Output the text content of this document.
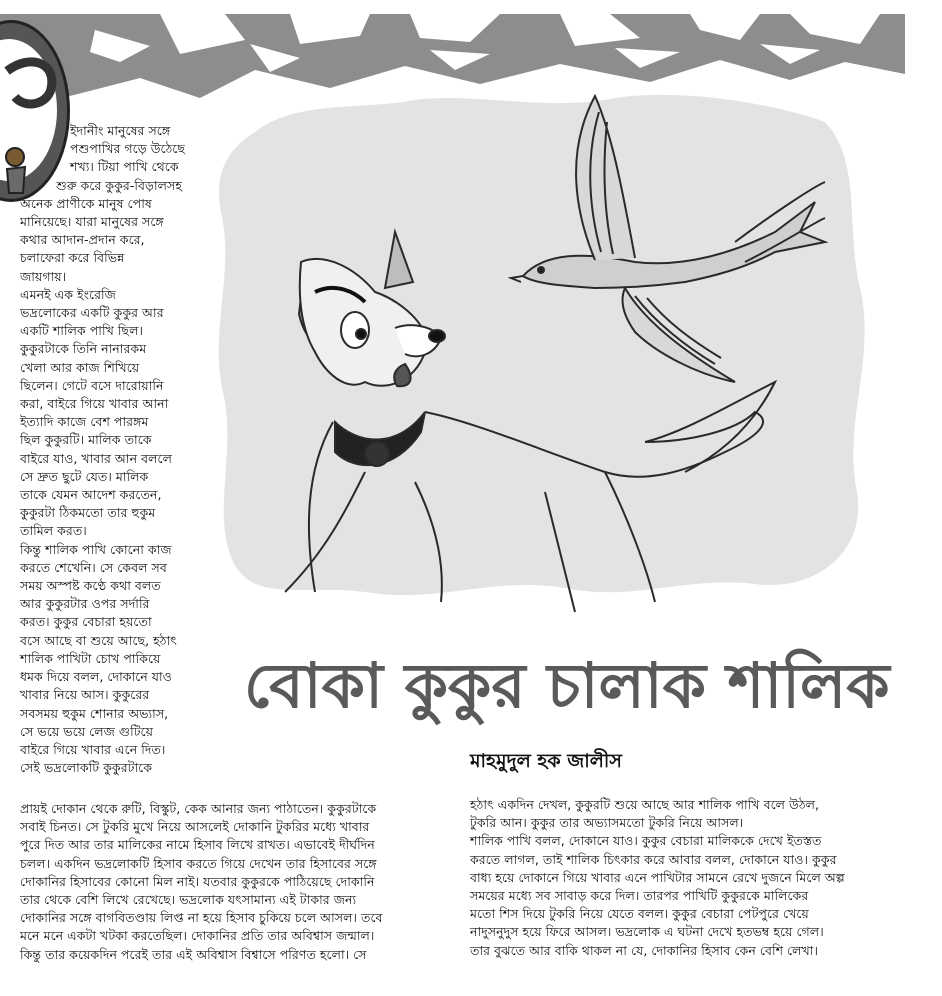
ইদানীং মানুষের সঙ্গে

পশুপাখির গড়ে উঠেছে

শখ্য। টিয়া পাখি থেকে

শুরু করে কুকুর-বিড়ালসহ

অনেক প্রাণীকে মানুষ পোষ

মানিয়েছে। যারা মানুষের সঙ্গে

কথার আদান-প্রদান করে,

চলাফেরা করে বিভিন্ন

জায়গায়।

এমনই এক ইংরেজি

ভদ্রলোকের একটি কুকুর আর

একটি শালিক পাখি ছিল।

কুকুরটাকে তিনি নানারকম

খেলা আর কাজ শিখিয়ে

ছিলেন। গেটে বসে দারোয়ানি

করা, বাইরে গিয়ে খাবার আনা

ইত্যাদি কাজে বেশ পারঙ্গম

ছিল কুকুরটি। মালিক তাকে

বাইরে যাও, খাবার আন বললে

সে দ্রুত ছুটে যেত। মালিক

তাকে যেমন আদেশ করতেন,

কুকুরটা ঠিকমতো তার হুকুম

তামিল করত।

কিন্তু শালিক পাখি কোনো কাজ

করতে শেখেনি। সে কেবল সব

সময় অস্পষ্ট কণ্ঠে কথা বলত

আর কুকুরটার ওপর সর্দারি

করত। কুকুর বেচারা হয়তো

বসে আছে বা শুয়ে আছে, হঠাৎ

শালিক পাখিটা চোখ পাকিয়ে

ধমক দিয়ে বলল, দোকানে যাও

খাবার নিয়ে আস। কুকুরের

সবসময় হুকুম শোনার অভ্যাস,

সে ভয়ে ভয়ে লেজ গুটিয়ে

বাইরে গিয়ে খাবার এনে দিত।

সেই ভদ্রলোকটি কুকুরটাকে

বোকা কুকুর চালাক শালিক
মাহমুদুল হক জালীস

প্রায়ই দোকান থেকে রুটি, বিস্কুট, কেক আনার জন্য পাঠাতেন। কুকুরটাকে

সবাই চিনত। সে টুকরি মুখে নিয়ে আসলেই দোকানি টুকরির মধ্যে খাবার

পুরে দিত আর তার মালিকের নামে হিসাব লিখে রাখত। এভাবেই দীর্ঘদিন

চলল। একদিন ভদ্রলোকটি হিসাব করতে গিয়ে দেখেন তার হিসাবের সঙ্গে

দোকানির হিসাবের কোনো মিল নাই। যতবার কুকুরকে পাঠিয়েছে দোকানি

তার থেকে বেশি লিখে রেখেছে। ভদ্রলোক যৎসামান্য এই টাকার জন্য

দোকানির সঙ্গে বাগবিতণ্ডায় লিপ্ত না হয়ে হিসাব চুকিয়ে চলে আসল। তবে

মনে মনে একটা খটকা করতেছিল। দোকানির প্রতি তার অবিশ্বাস জন্মাল।

কিন্তু তার কয়েকদিন পরেই তার এই অবিশ্বাস বিশ্বাসে পরিণত হলো। সে

হঠাৎ একদিন দেখল, কুকুরটি শুয়ে আছে আর শালিক পাখি বলে উঠল,

টুকরি আন। কুকুর তার অভ্যাসমতো টুকরি নিয়ে আসল।

শালিক পাখি বলল, দোকানে যাও। কুকুর বেচারা মালিককে দেখে ইতস্তত

করতে লাগল, তাই শালিক চিৎকার করে আবার বলল, দোকানে যাও। কুকুর

বাধ্য হয়ে দোকানে গিয়ে খাবার এনে পাখিটার সামনে রেখে দুজনে মিলে অল্প

সময়ের মধ্যে সব সাবাড় করে দিল। তারপর পাখিটি কুকুরকে মালিকের

মতো শিস দিয়ে টুকরি নিয়ে যেতে বলল। কুকুর বেচারা পেটপুরে খেয়ে

নাদুসনুদুস হয়ে ফিরে আসল। ভদ্রলোক এ ঘটনা দেখে হতভম্ব হয়ে গেল।

তার বুঝতে আর বাকি থাকল না যে, দোকানির হিসাব কেন বেশি লেখা।
